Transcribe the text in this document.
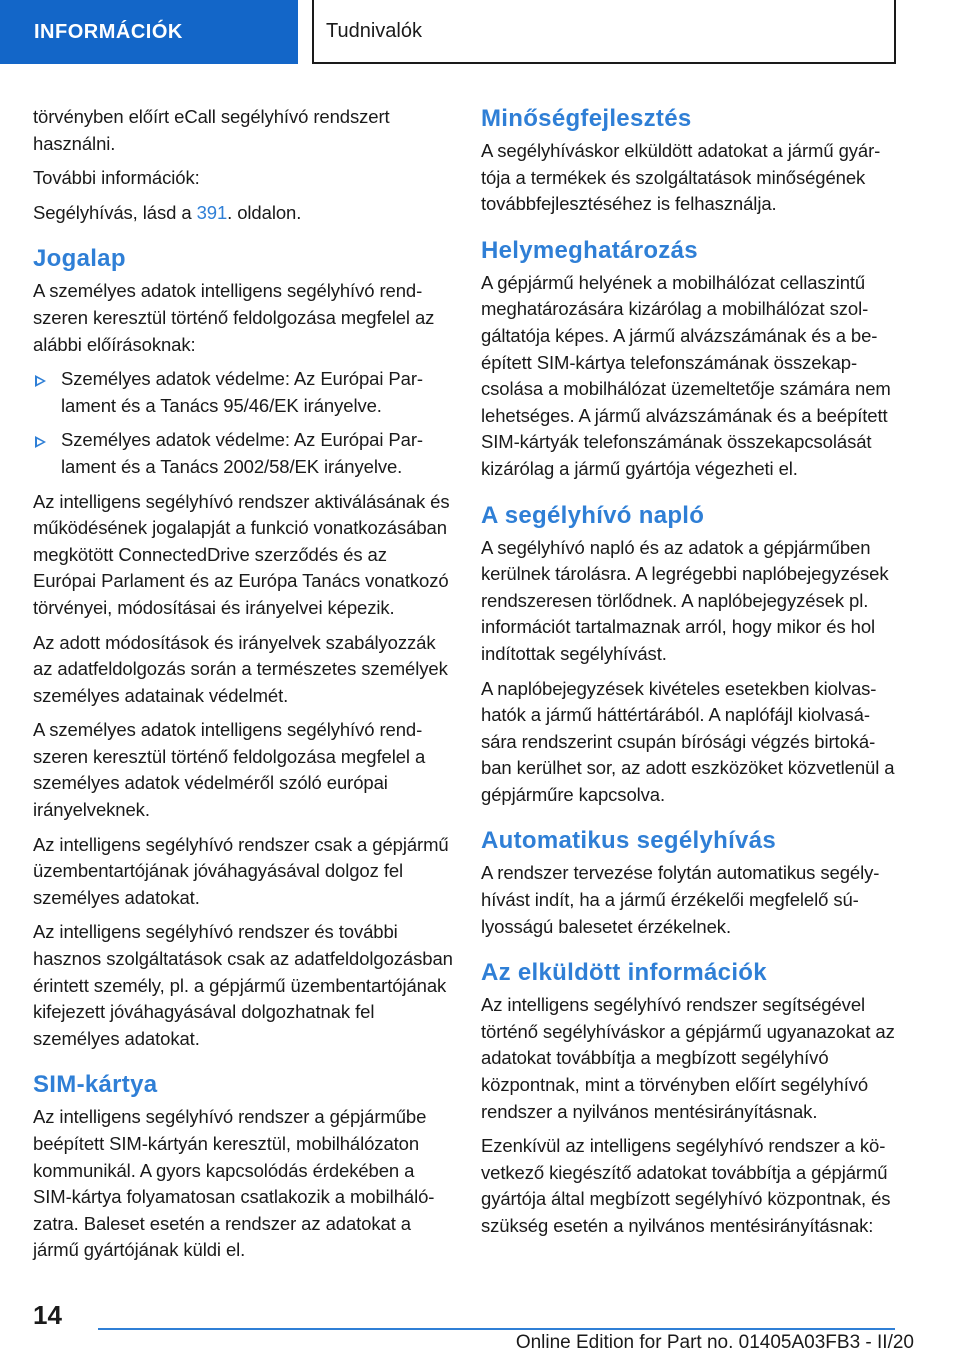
INFORMÁCIÓK	Tudnivalók

törvényben előírt eCall segélyhívó rendszert használni.

További információk:

Segélyhívás, lásd a 391. oldalon.

Jogalap

A személyes adatok intelligens segélyhívó rendszeren keresztül történő feldolgozása megfelel az alábbi előírásoknak:

Személyes adatok védelme: Az Európai Parlament és a Tanács 95/46/EK irányelve.
Személyes adatok védelme: Az Európai Parlament és a Tanács 2002/58/EK irányelve.

Az intelligens segélyhívó rendszer aktiválásának és működésének jogalapját a funkció vonatkozásában megkötött ConnectedDrive szerződés és az Európai Parlament és az Európa Tanács vonatkozó törvényei, módosításai és irányelvei képezik.

Az adott módosítások és irányelvek szabályozzák az adatfeldolgozás során a természetes személyek személyes adatainak védelmét.

A személyes adatok intelligens segélyhívó rendszeren keresztül történő feldolgozása megfelel a személyes adatok védelméről szóló európai irányelveknek.

Az intelligens segélyhívó rendszer csak a gépjármű üzembentartójának jóváhagyásával dolgoz fel személyes adatokat.

Az intelligens segélyhívó rendszer és további hasznos szolgáltatások csak az adatfeldolgozásban érintett személy, pl. a gépjármű üzembentartójának kifejezett jóváhagyásával dolgozhatnak fel személyes adatokat.

SIM-kártya

Az intelligens segélyhívó rendszer a gépjárműbe beépített SIM-kártyán keresztül, mobilhálózaton kommunikál. A gyors kapcsolódás érdekében a SIM-kártya folyamatosan csatlakozik a mobilhálózatra. Baleset esetén a rendszer az adatokat a jármű gyártójának küldi el.

Minőségfejlesztés

A segélyhíváskor elküldött adatokat a jármű gyártója a termékek és szolgáltatások minőségének továbbfejlesztéséhez is felhasználja.

Helymeghatározás

A gépjármű helyének a mobilhálózat cellaszintű meghatározására kizárólag a mobilhálózat szolgáltatója képes. A jármű alvázszámának és a beépített SIM-kártya telefonszámának összekapcsolása a mobilhálózat üzemeltetője számára nem lehetséges. A jármű alvázszámának és a beépített SIM-kártyák telefonszámának összekapcsolását kizárólag a jármű gyártója végezheti el.

A segélyhívó napló

A segélyhívó napló és az adatok a gépjárműben kerülnek tárolásra. A legrégebbi naplóbejegyzések rendszeresen törlődnek. A naplóbejegyzések pl. információt tartalmaznak arról, hogy mikor és hol indítottak segélyhívást.

A naplóbejegyzések kivételes esetekben kiolvashatók a jármű háttértárából. A naplófájl kiolvasására rendszerint csupán bírósági végzés birtokában kerülhet sor, az adott eszközöket közvetlenül a gépjárműre kapcsolva.

Automatikus segélyhívás

A rendszer tervezése folytán automatikus segélyhívást indít, ha a jármű érzékelői megfelelő súlyosságú balesetet érzékelnek.

Az elküldött információk

Az intelligens segélyhívó rendszer segítségével történő segélyhíváskor a gépjármű ugyanazokat az adatokat továbbítja a megbízott segélyhívó központnak, mint a törvényben előírt segélyhívó rendszer a nyilvános mentésirányításnak.

Ezenkívül az intelligens segélyhívó rendszer a következő kiegészítő adatokat továbbítja a gépjármű gyártója által megbízott segélyhívó központnak, és szükség esetén a nyilvános mentésirányításnak:

14
Online Edition for Part no. 01405A03FB3 - II/20
